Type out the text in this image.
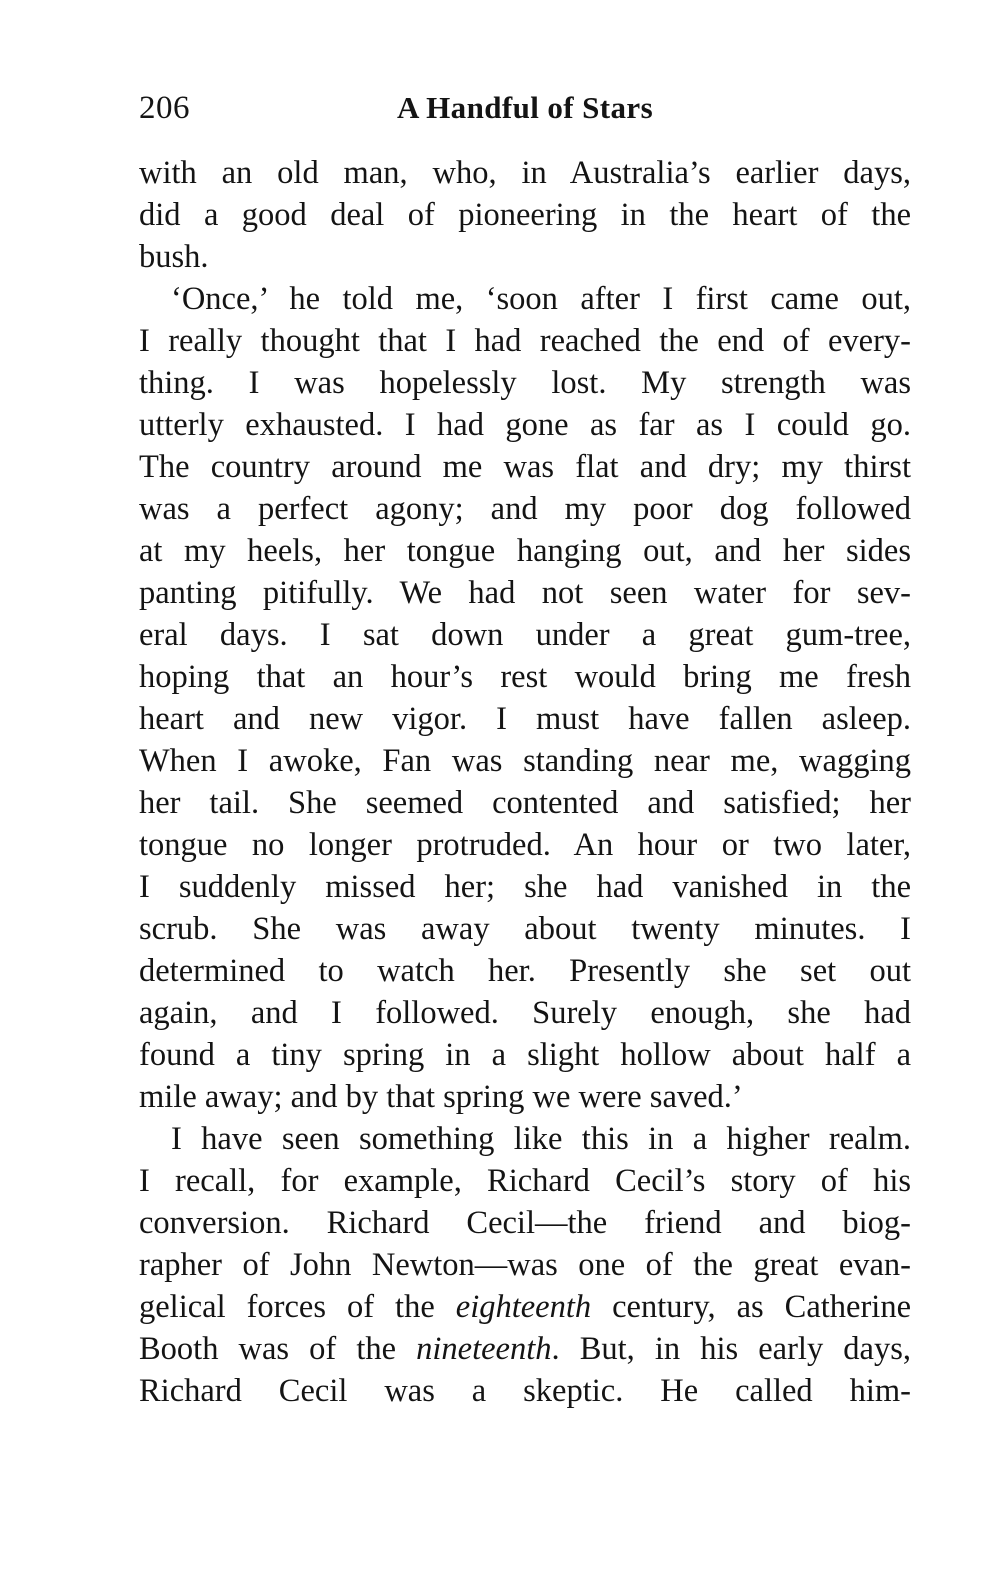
206	A Handful of Stars
with an old man, who, in Australia’s earlier days,
did a good deal of pioneering in the heart of the
bush.
‘Once,’ he told me, ‘soon after I first came out,
I really thought that I had reached the end of every-
thing. I was hopelessly lost. My strength was
utterly exhausted. I had gone as far as I could go.
The country around me was flat and dry; my thirst
was a perfect agony; and my poor dog followed
at my heels, her tongue hanging out, and her sides
panting pitifully. We had not seen water for sev-
eral days. I sat down under a great gum-tree,
hoping that an hour’s rest would bring me fresh
heart and new vigor. I must have fallen asleep.
When I awoke, Fan was standing near me, wagging
her tail. She seemed contented and satisfied; her
tongue no longer protruded. An hour or two later,
I suddenly missed her; she had vanished in the
scrub. She was away about twenty minutes. I
determined to watch her. Presently she set out
again, and I followed. Surely enough, she had
found a tiny spring in a slight hollow about half a
mile away; and by that spring we were saved.’
I have seen something like this in a higher realm.
I recall, for example, Richard Cecil’s story of his
conversion. Richard Cecil—the friend and biog-
rapher of John Newton—was one of the great evan-
gelical forces of the eighteenth century, as Catherine
Booth was of the nineteenth. But, in his early days,
Richard Cecil was a skeptic. He called him-
